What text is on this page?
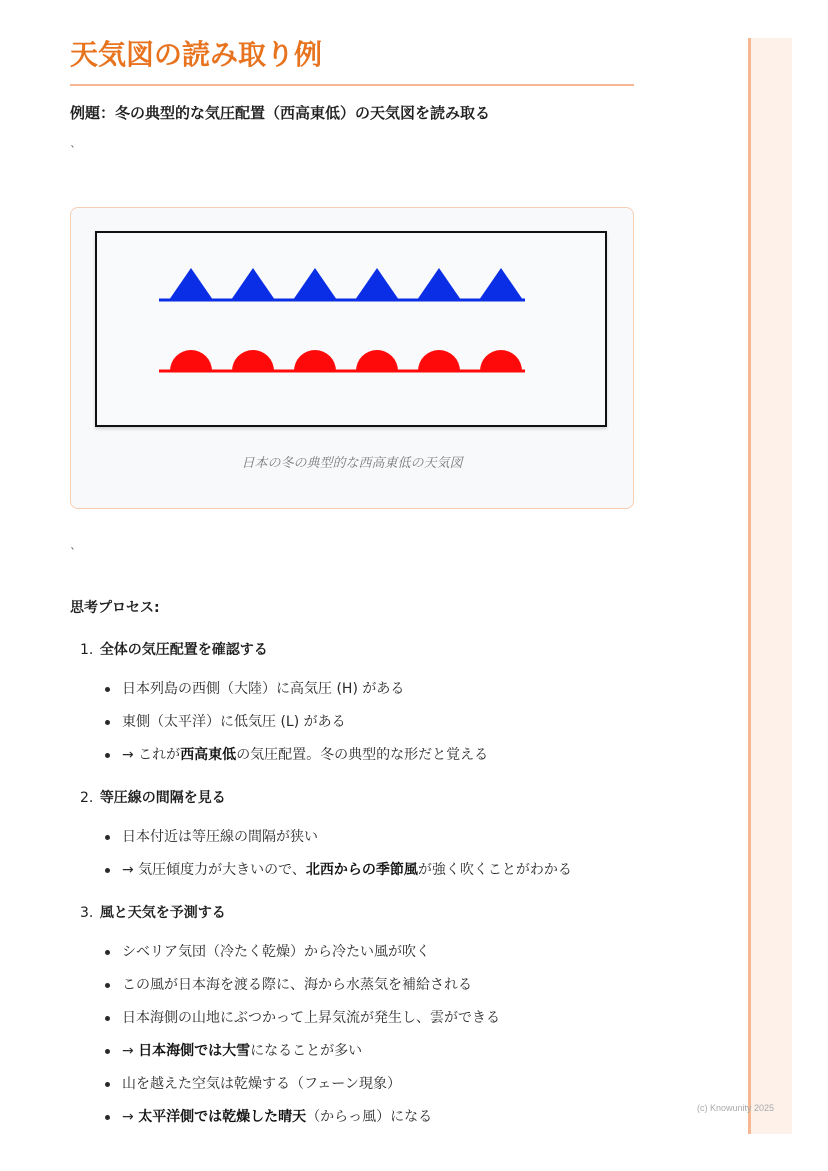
(c) Knowunity 2025
天気図の読み取り例
例題：冬の典型的な気圧配置（西高東低）の天気図を読み取る
`
日本の冬の典型的な西高東低の天気図
`
思考プロセス:
1. 全体の気圧配置を確認する
日本列島の西側（大陸）に高気圧 (H) がある
東側（太平洋）に低気圧 (L) がある
→ これが西高東低の気圧配置。冬の典型的な形だと覚える
2. 等圧線の間隔を見る
日本付近は等圧線の間隔が狭い
→ 気圧傾度力が大きいので、北西からの季節風が強く吹くことがわかる
3. 風と天気を予測する
シベリア気団（冷たく乾燥）から冷たい風が吹く
この風が日本海を渡る際に、海から水蒸気を補給される
日本海側の山地にぶつかって上昇気流が発生し、雲ができる
→ 日本海側では大雪になることが多い
山を越えた空気は乾燥する（フェーン現象）
→ 太平洋側では乾燥した晴天（からっ風）になる
